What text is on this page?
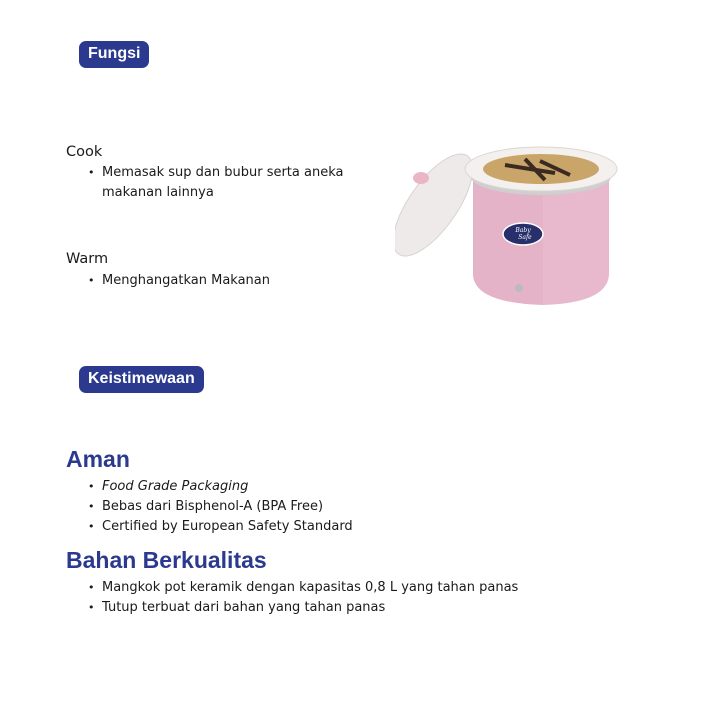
Fungsi
Cook
• Memasak sup dan bubur serta aneka makanan lainnya
Warm
• Menghangatkan Makanan
Baby
Safe
Keistimewaan
Aman
• Food Grade Packaging
• Bebas dari Bisphenol-A (BPA Free)
• Certified by European Safety Standard
Bahan Berkualitas
• Mangkok pot keramik dengan kapasitas 0,8 L yang tahan panas
• Tutup terbuat dari bahan yang tahan panas
